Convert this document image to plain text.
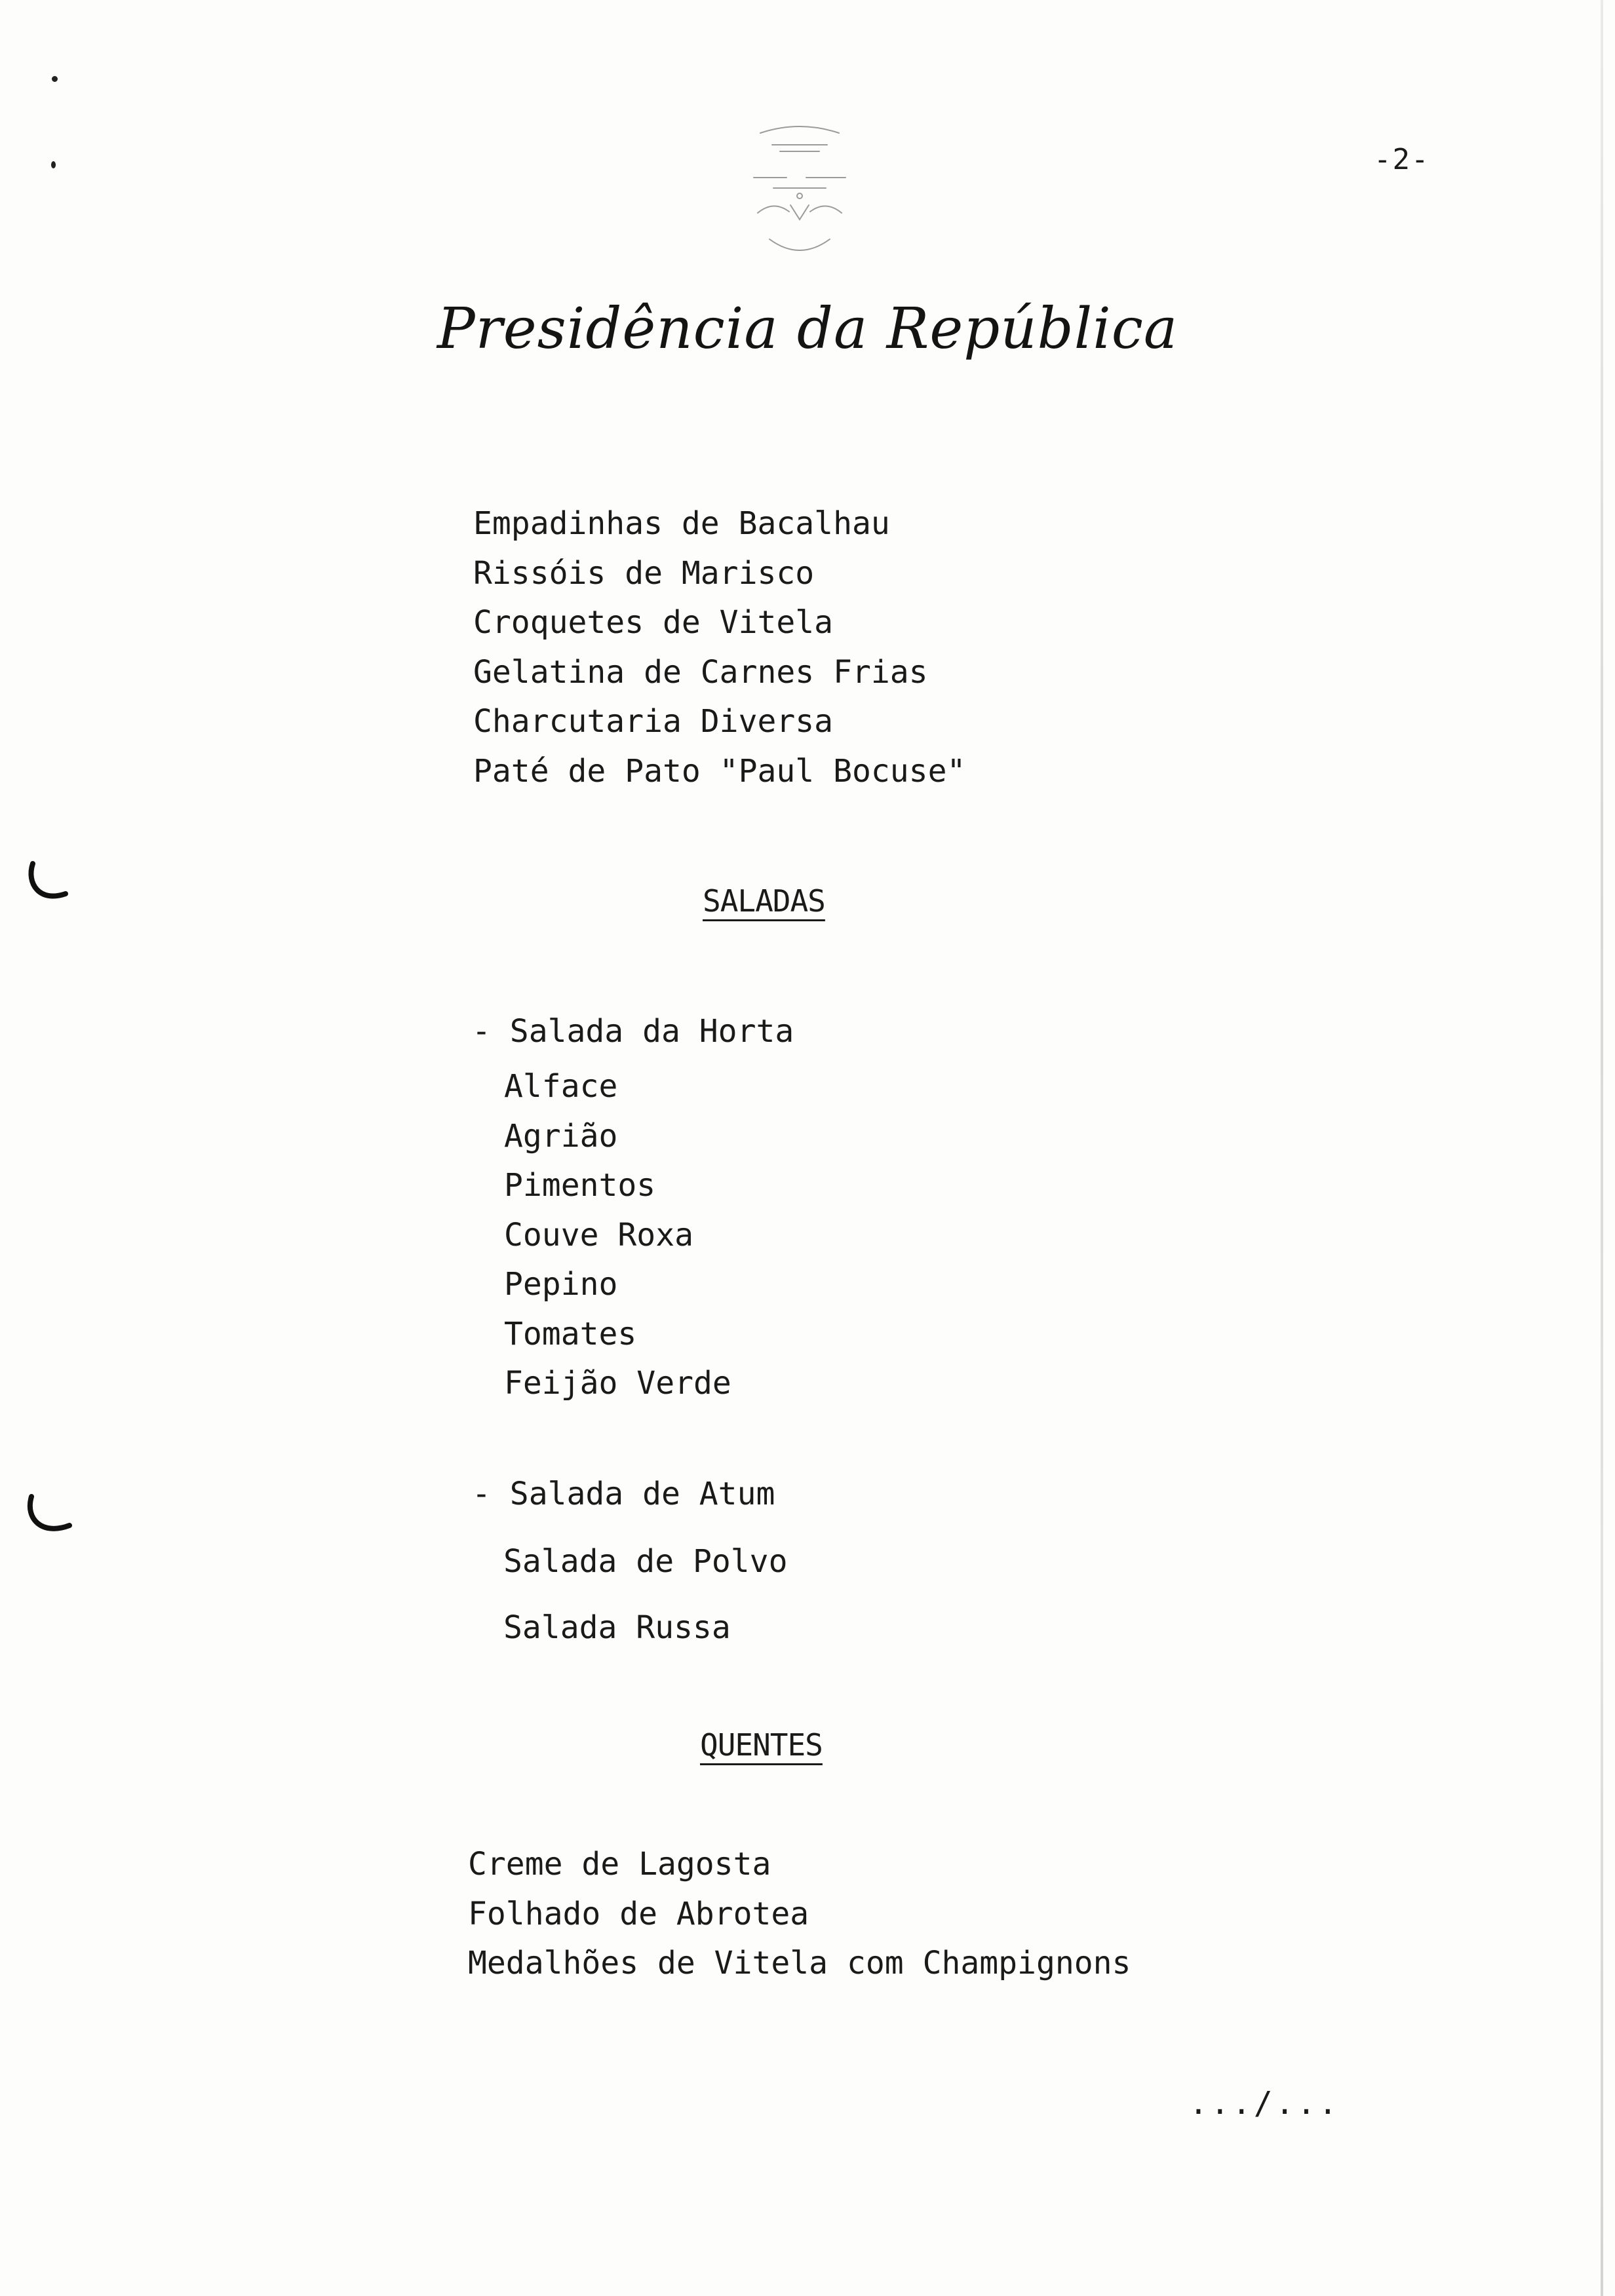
-2-
Presidência da República
Empadinhas de Bacalhau
Rissóis de Marisco
Croquetes de Vitela
Gelatina de Carnes Frias
Charcutaria Diversa
Paté de Pato "Paul Bocuse"
SALADAS
- Salada da Horta
Alface
Agrião
Pimentos
Couve Roxa
Pepino
Tomates
Feijão Verde
- Salada de Atum
Salada de Polvo
Salada Russa
QUENTES
Creme de Lagosta
Folhado de Abrotea
Medalhões de Vitela com Champignons
.../...
